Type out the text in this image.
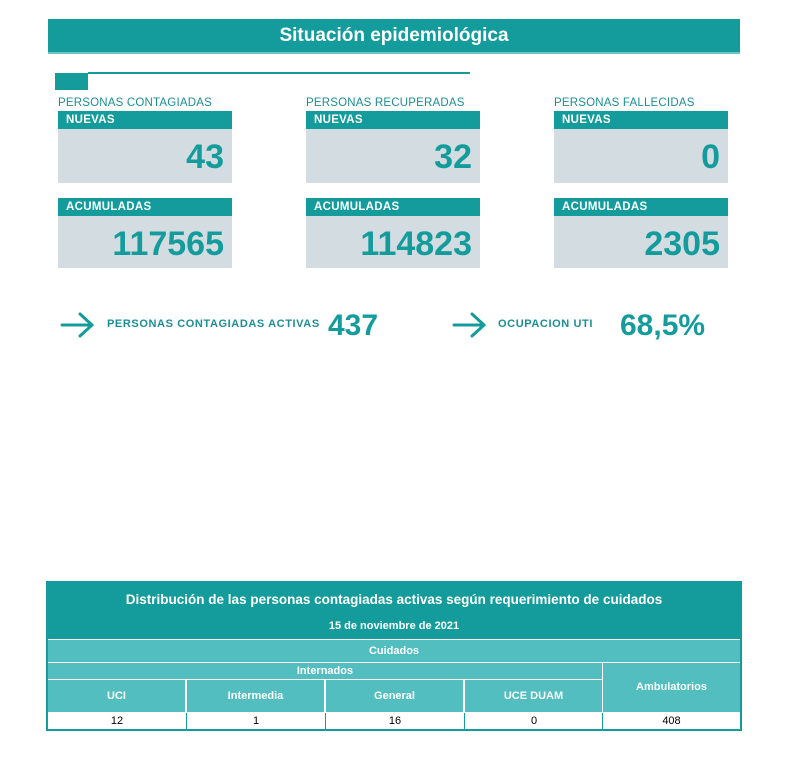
Situación epidemiológica
PERSONAS CONTAGIADAS
NUEVAS
43
ACUMULADAS
117565
PERSONAS RECUPERADAS
NUEVAS
32
ACUMULADAS
114823
PERSONAS FALLECIDAS
NUEVAS
0
ACUMULADAS
2305
PERSONAS CONTAGIADAS ACTIVAS 437	OCUPACION UTI 68,5%
Distribución de las personas contagiadas activas según requerimiento de cuidados
15 de noviembre de 2021
Cuidados
Internados
Ambulatorios
UCI	Intermedia	General	UCE DUAM
12	1	16	0	408
